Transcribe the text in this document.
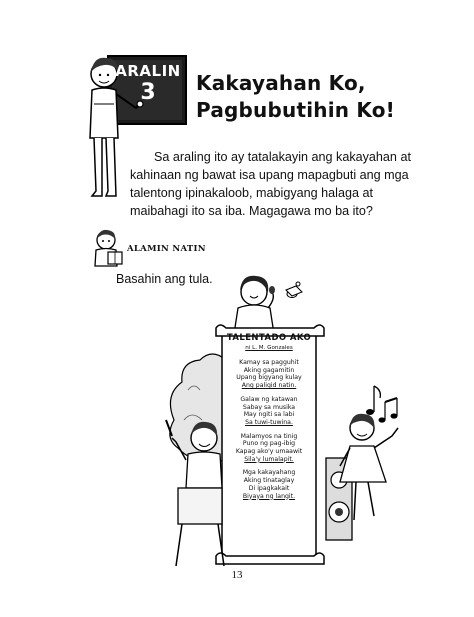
ARALIN
3	Kakayahan Ko,
Pagbubutihin Ko!

Sa araling ito ay tatalakayin ang kakayahan at kahinaan ng bawat isa upang mapagbuti ang mga talentong ipinakaloob, mabigyang halaga at maibahagi ito sa iba. Magagawa mo ba ito?

ALAMIN NATIN
Basahin ang tula.
TALENTADO AKO
ni L. M. Gonzales
Kamay sa pagguhit
Aking gagamitin
Upang bigyang kulay
Ang paligid natin.
Galaw ng katawan
Sabay sa musika
May ngiti sa labi
Sa tuwi-tuwina.
Malamyos na tinig
Puno ng pag-ibig
Kapag ako'y umaawit
Sila'y lumalapit.
Mga kakayahang
Aking tinataglay
Di ipagkakait
Biyaya ng langit.
13
